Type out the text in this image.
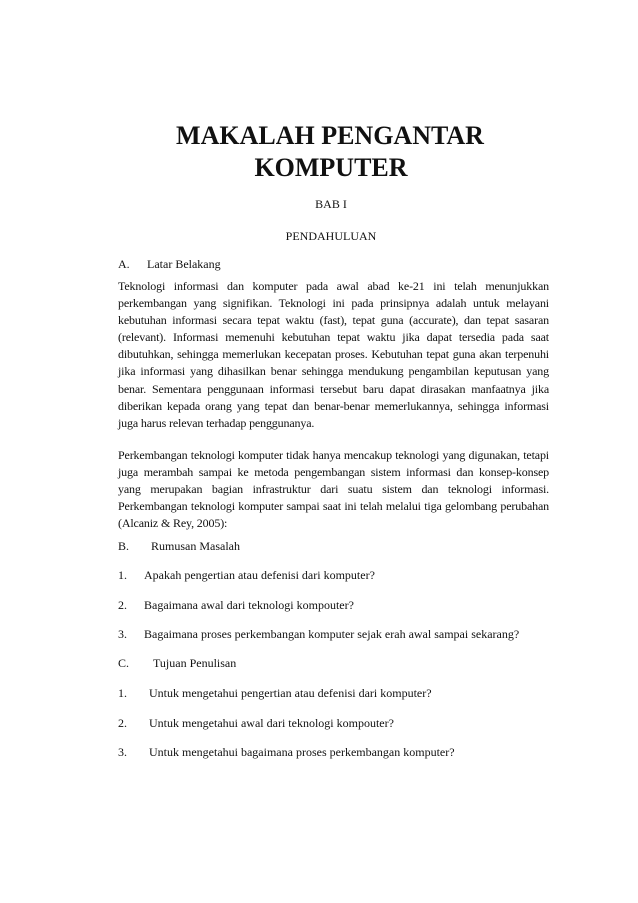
MAKALAH PENGANTAR
KOMPUTER
BAB I
PENDAHULUAN
A. Latar Belakang

Teknologi informasi dan komputer pada awal abad ke-21 ini telah menunjukkan perkembangan yang signifikan. Teknologi ini pada prinsipnya adalah untuk melayani kebutuhan informasi secara tepat waktu (fast), tepat guna (accurate), dan tepat sasaran (relevant). Informasi memenuhi kebutuhan tepat waktu jika dapat tersedia pada saat dibutuhkan, sehingga memerlukan kecepatan proses. Kebutuhan tepat guna akan terpenuhi jika informasi yang dihasilkan benar sehingga mendukung pengambilan keputusan yang benar. Sementara penggunaan informasi tersebut baru dapat dirasakan manfaatnya jika diberikan kepada orang yang tepat dan benar-benar memerlukannya, sehingga informasi juga harus relevan terhadap penggunanya.

Perkembangan teknologi komputer tidak hanya mencakup teknologi yang digunakan, tetapi juga merambah sampai ke metoda pengembangan sistem informasi dan konsep-konsep yang merupakan bagian infrastruktur dari suatu sistem dan teknologi informasi. Perkembangan teknologi komputer sampai saat ini telah melalui tiga gelombang perubahan (Alcaniz & Rey, 2005):

B. Rumusan Masalah
1. Apakah pengertian atau defenisi dari komputer?
2. Bagaimana awal dari teknologi kompouter?
3. Bagaimana proses perkembangan komputer sejak erah awal sampai sekarang?
C. Tujuan Penulisan
1. Untuk mengetahui pengertian atau defenisi dari komputer?
2. Untuk mengetahui awal dari teknologi kompouter?
3. Untuk mengetahui bagaimana proses perkembangan komputer?
